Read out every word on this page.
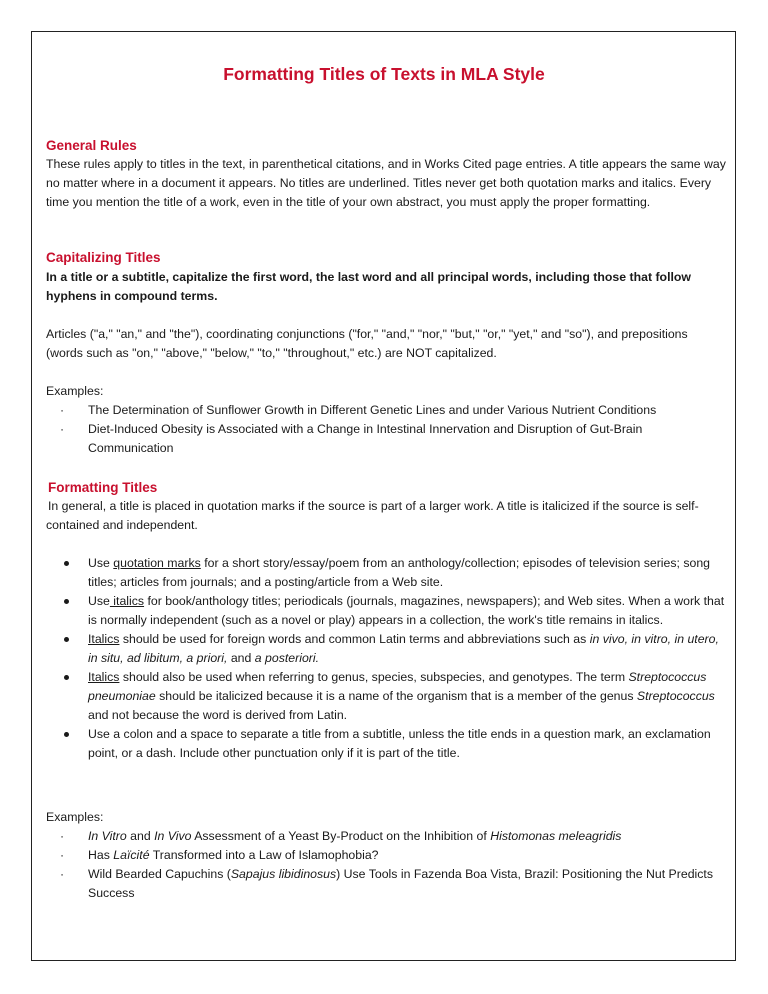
Formatting Titles of Texts in MLA Style
General Rules

These rules apply to titles in the text, in parenthetical citations, and in Works Cited page entries. A title appears the same way no matter where in a document it appears. No titles are underlined. Titles never get both quotation marks and italics. Every time you mention the title of a work, even in the title of your own abstract, you must apply the proper formatting.

Capitalizing Titles

In a title or a subtitle, capitalize the first word, the last word and all principal words, including those that follow hyphens in compound terms.

Articles ("a," "an," and "the"), coordinating conjunctions ("for," "and," "nor," "but," "or," "yet," and "so"), and prepositions (words such as "on," "above," "below," "to," "throughout," etc.) are NOT capitalized.

Examples:

· The Determination of Sunflower Growth in Different Genetic Lines and under Various Nutrient Conditions
· Diet-Induced Obesity is Associated with a Change in Intestinal Innervation and Disruption of Gut-Brain Communication
Formatting Titles

In general, a title is placed in quotation marks if the source is part of a larger work. A title is italicized if the source is self-contained and independent.

Use quotation marks for a short story/essay/poem from an anthology/collection; episodes of television series; song titles; articles from journals; and a posting/article from a Web site.
Use italics for book/anthology titles; periodicals (journals, magazines, newspapers); and Web sites. When a work that is normally independent (such as a novel or play) appears in a collection, the work's title remains in italics.
Italics should be used for foreign words and common Latin terms and abbreviations such as in vivo, in vitro, in utero, in situ, ad libitum, a priori, and a posteriori.
Italics should also be used when referring to genus, species, subspecies, and genotypes. The term Streptococcus pneumoniae should be italicized because it is a name of the organism that is a member of the genus Streptococcus and not because the word is derived from Latin.
Use a colon and a space to separate a title from a subtitle, unless the title ends in a question mark, an exclamation point, or a dash. Include other punctuation only if it is part of the title.

Examples:

· In Vitro and In Vivo Assessment of a Yeast By-Product on the Inhibition of Histomonas meleagridis
· Has Laïcité Transformed into a Law of Islamophobia?
· Wild Bearded Capuchins (Sapajus libidinosus) Use Tools in Fazenda Boa Vista, Brazil: Positioning the Nut Predicts Success
